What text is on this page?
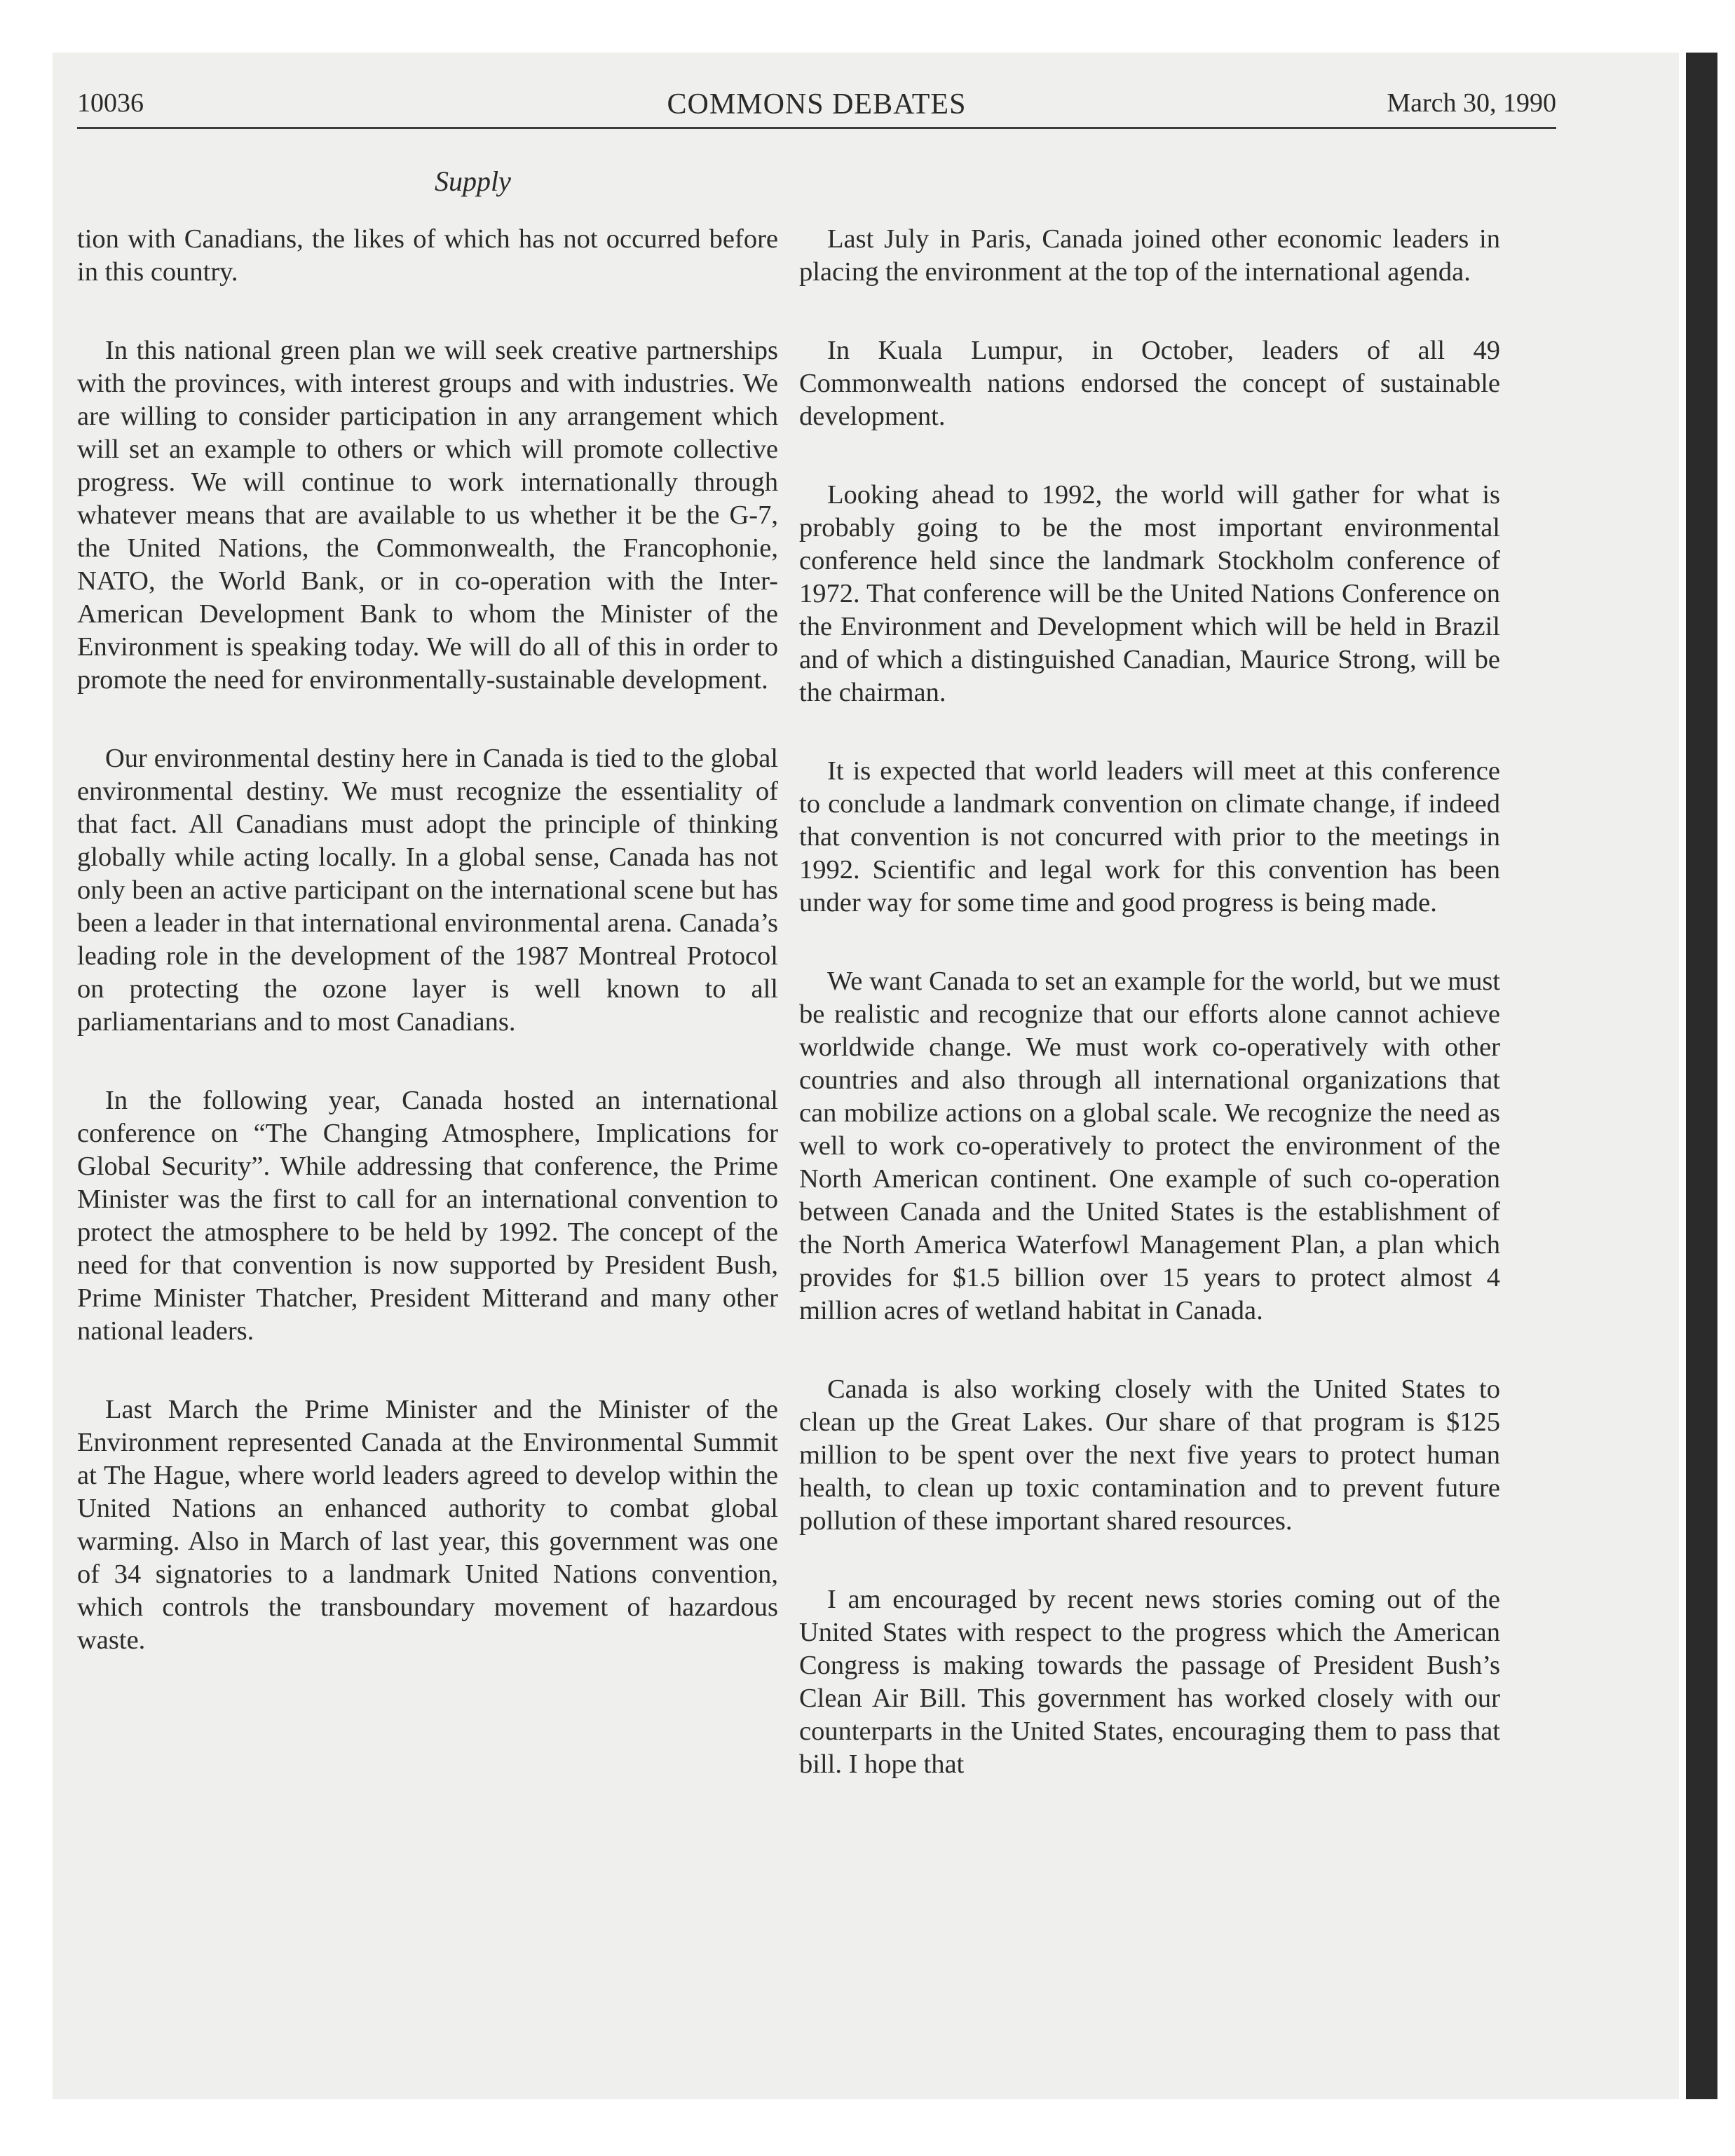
10036	COMMONS DEBATES	March 30, 1990
Supply

tion with Canadians, the likes of which has not occurred before in this country.

In this national green plan we will seek creative partnerships with the provinces, with interest groups and with industries. We are willing to consider participation in any arrangement which will set an example to others or which will promote collective progress. We will continue to work internationally through whatever means that are available to us whether it be the G-7, the United Nations, the Commonwealth, the Francophonie, NATO, the World Bank, or in co-operation with the Inter-American Development Bank to whom the Minister of the Environment is speaking today. We will do all of this in order to promote the need for environmentally-sustainable development.

Our environmental destiny here in Canada is tied to the global environmental destiny. We must recognize the essentiality of that fact. All Canadians must adopt the principle of thinking globally while acting locally. In a global sense, Canada has not only been an active participant on the international scene but has been a leader in that international environmental arena. Canada’s leading role in the development of the 1987 Montreal Protocol on protecting the ozone layer is well known to all parliamentarians and to most Canadians.

In the following year, Canada hosted an international conference on “The Changing Atmosphere, Implications for Global Security”. While addressing that conference, the Prime Minister was the first to call for an international convention to protect the atmosphere to be held by 1992. The concept of the need for that convention is now supported by President Bush, Prime Minister Thatcher, President Mitterand and many other national leaders.

Last March the Prime Minister and the Minister of the Environment represented Canada at the Environmental Summit at The Hague, where world leaders agreed to develop within the United Nations an enhanced authority to combat global warming. Also in March of last year, this government was one of 34 signatories to a landmark United Nations convention, which controls the transboundary movement of hazardous waste.

Last July in Paris, Canada joined other economic leaders in placing the environment at the top of the international agenda.

In Kuala Lumpur, in October, leaders of all 49 Commonwealth nations endorsed the concept of sustainable development.

Looking ahead to 1992, the world will gather for what is probably going to be the most important environmental conference held since the landmark Stockholm conference of 1972. That conference will be the United Nations Conference on the Environment and Development which will be held in Brazil and of which a distinguished Canadian, Maurice Strong, will be the chairman.

It is expected that world leaders will meet at this conference to conclude a landmark convention on climate change, if indeed that convention is not concurred with prior to the meetings in 1992. Scientific and legal work for this convention has been under way for some time and good progress is being made.

We want Canada to set an example for the world, but we must be realistic and recognize that our efforts alone cannot achieve worldwide change. We must work co-operatively with other countries and also through all international organizations that can mobilize actions on a global scale. We recognize the need as well to work co-operatively to protect the environment of the North American continent. One example of such co-operation between Canada and the United States is the establishment of the North America Waterfowl Management Plan, a plan which provides for $1.5 billion over 15 years to protect almost 4 million acres of wetland habitat in Canada.

Canada is also working closely with the United States to clean up the Great Lakes. Our share of that program is $125 million to be spent over the next five years to protect human health, to clean up toxic contamination and to prevent future pollution of these important shared resources.

I am encouraged by recent news stories coming out of the United States with respect to the progress which the American Congress is making towards the passage of President Bush’s Clean Air Bill. This government has worked closely with our counterparts in the United States, encouraging them to pass that bill. I hope that
